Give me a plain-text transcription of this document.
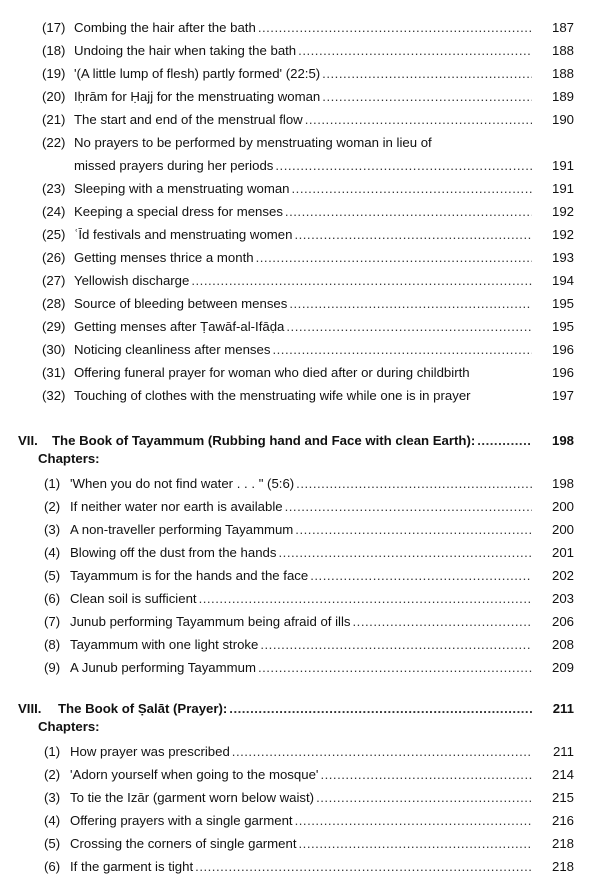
(17) Combing the hair after the bath .....	187
(18) Undoing the hair when taking the bath .....	188
(19) '(A little lump of flesh) partly formed' (22:5) .....	188
(20) Iḥrām for Ḥajj for the menstruating woman .....	189
(21) The start and end of the menstrual flow .....	190
(22) No prayers to be performed by menstruating woman in lieu of
missed prayers during her periods .....	191
(23) Sleeping with a menstruating woman .....	191
(24) Keeping a special dress for menses .....	192
(25) ʿĪd festivals and menstruating women .....	192
(26) Getting menses thrice a month .....	193
(27) Yellowish discharge .....	194
(28) Source of bleeding between menses .....	195
(29) Getting menses after Ṭawāf-al-Ifāḍa .....	195
(30) Noticing cleanliness after menses .....	196
(31) Offering funeral prayer for woman who died after or during childbirth	196
(32) Touching of clothes with the menstruating wife while one is in prayer	197
VII. The Book of Tayammum (Rubbing hand and Face with clean Earth): .....	198
Chapters:
(1) 'When you do not find water . . . " (5:6) .....	198
(2) If neither water nor earth is available .....	200
(3) A non-traveller performing Tayammum .....	200
(4) Blowing off the dust from the hands .....	201
(5) Tayammum is for the hands and the face .....	202
(6) Clean soil is sufficient .....	203
(7) Junub performing Tayammum being afraid of ills .....	206
(8) Tayammum with one light stroke .....	208
(9) A Junub performing Tayammum .....	209
VIII. The Book of Ṣalāt (Prayer): .....	211
Chapters:
(1) How prayer was prescribed .....	211
(2) 'Adorn yourself when going to the mosque' .....	214
(3) To tie the Izār (garment worn below waist) .....	215
(4) Offering prayers with a single garment .....	216
(5) Crossing the corners of single garment .....	218
(6) If the garment is tight .....	218
